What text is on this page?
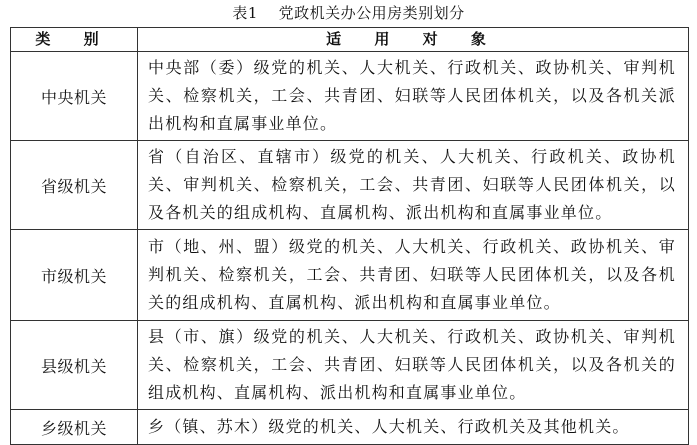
表1　 党政机关办公用房类别划分
类 别	适 用 对 象
中央机关	中央部（委）级党的机关、人大机关、行政机关、政协机关、审判机关、检察机关，工会、共青团、妇联等人民团体机关，以及各机关派出机构和直属事业单位。
省级机关	省（自治区、直辖市）级党的机关、人大机关、行政机关、政协机关、审判机关、检察机关，工会、共青团、妇联等人民团体机关，以及各机关的组成机构、直属机构、派出机构和直属事业单位。
市级机关	市（地、州、盟）级党的机关、人大机关、行政机关、政协机关、审判机关、检察机关，工会、共青团、妇联等人民团体机关，以及各机关的组成机构、直属机构、派出机构和直属事业单位。
县级机关	县（市、旗）级党的机关、人大机关、行政机关、政协机关、审判机关、检察机关，工会、共青团、妇联等人民团体机关，以及各机关的组成机构、直属机构、派出机构和直属事业单位。
乡级机关	乡（镇、苏木）级党的机关、人大机关、行政机关及其他机关。
